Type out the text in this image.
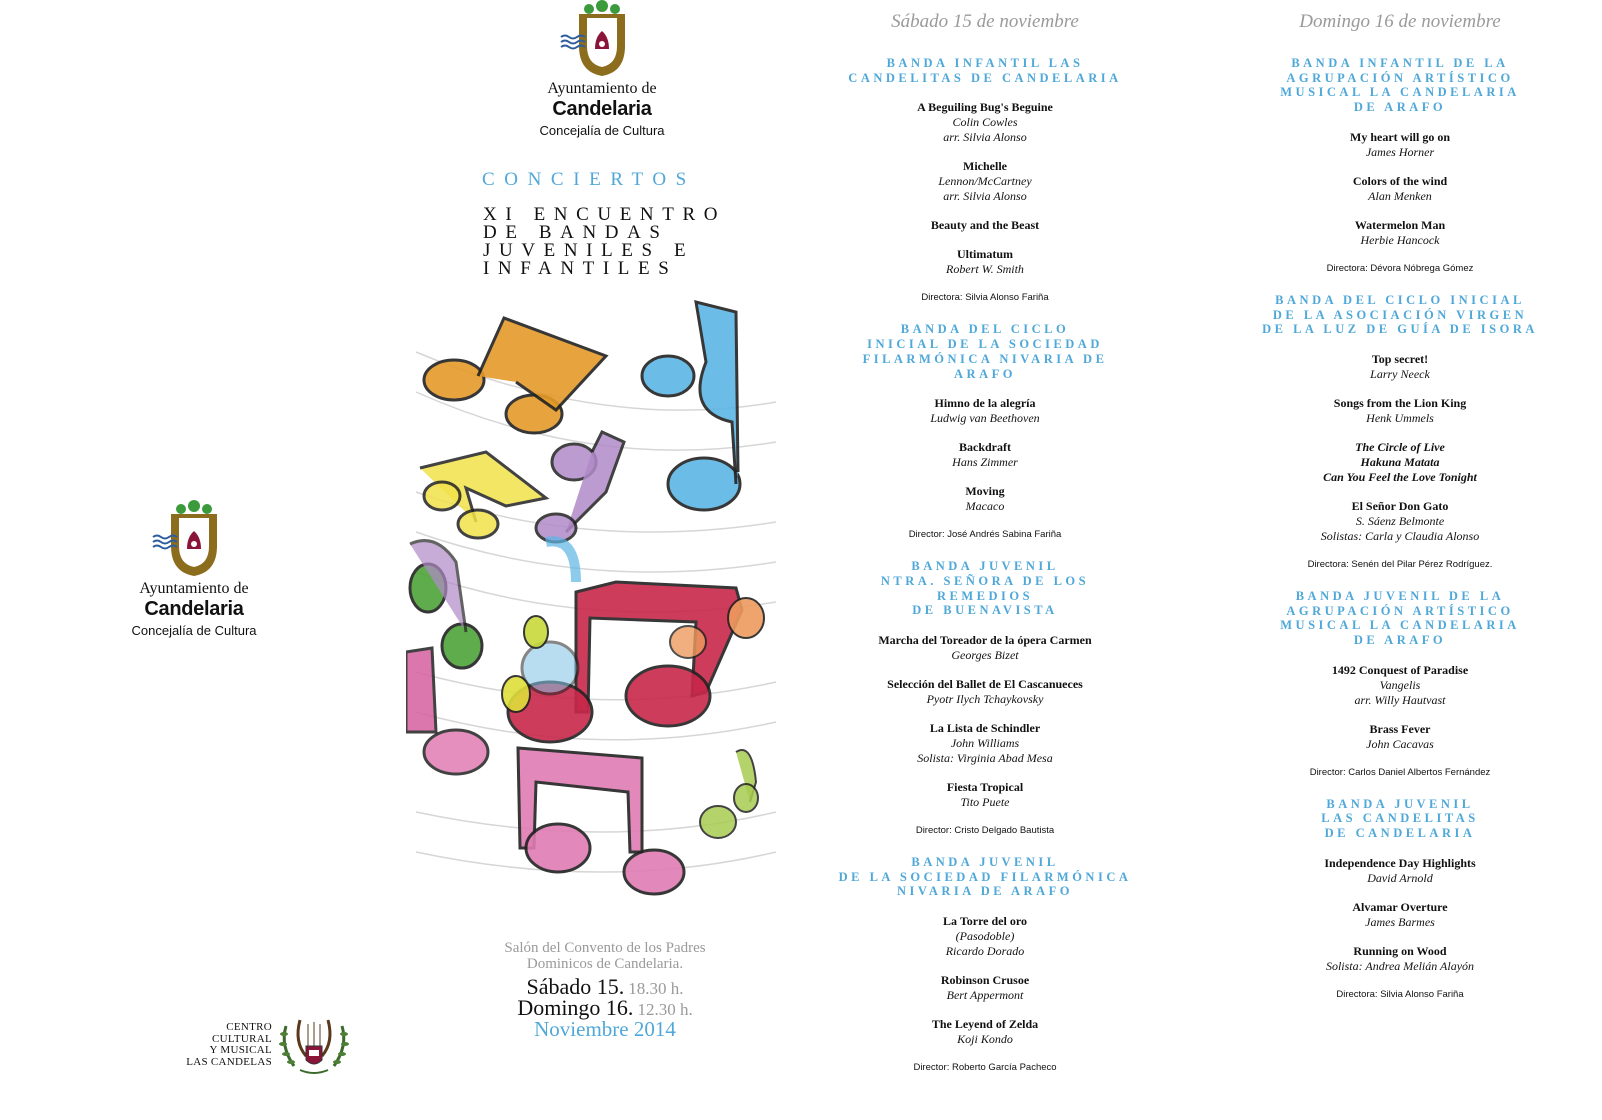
Ayuntamiento de
Candelaria
Concejalía de Cultura
CENTRO
CULTURAL
Y MUSICAL
LAS CANDELAS
Ayuntamiento de
Candelaria
Concejalía de Cultura
CONCIERTOS
XI ENCUENTRO
DE BANDAS
JUVENILES E
INFANTILES
Salón del Convento de los Padres
Dominicos de Candelaria.
Sábado 15. 18.30 h.
Domingo 16. 12.30 h.
Noviembre 2014
Sábado 15 de noviembre
BANDA INFANTIL LAS
CANDELITAS DE CANDELARIA
A Beguiling Bug's Beguine
Colin Cowles
arr. Silvia Alonso
Michelle
Lennon/McCartney
arr. Silvia Alonso
Beauty and the Beast
Ultimatum
Robert W. Smith
Directora: Silvia Alonso Fariña
BANDA DEL CICLO
INICIAL DE LA SOCIEDAD
FILARMÓNICA NIVARIA DE ARAFO
Himno de la alegría
Ludwig van Beethoven
Backdraft
Hans Zimmer
Moving
Macaco
Director: José Andrés Sabina Fariña
BANDA JUVENIL
NTRA. SEÑORA DE LOS REMEDIOS
DE BUENAVISTA
Marcha del Toreador de la ópera Carmen
Georges Bizet
Selección del Ballet de El Cascanueces
Pyotr Ilych Tchaykovsky
La Lista de Schindler
John Williams
Solista: Virginia Abad Mesa
Fiesta Tropical
Tito Puete
Director: Cristo Delgado Bautista
BANDA JUVENIL
DE LA SOCIEDAD FILARMÓNICA
NIVARIA DE ARAFO
La Torre del oro
(Pasodoble)
Ricardo Dorado
Robinson Crusoe
Bert Appermont
The Leyend of Zelda
Koji Kondo
Director: Roberto García Pacheco
Domingo 16 de noviembre
BANDA INFANTIL DE LA
AGRUPACIÓN ARTÍSTICO
MUSICAL LA CANDELARIA
DE ARAFO
My heart will go on
James Horner
Colors of the wind
Alan Menken
Watermelon Man
Herbie Hancock
Directora: Dévora Nóbrega Gómez
BANDA DEL CICLO INICIAL
DE LA ASOCIACIÓN VIRGEN
DE LA LUZ DE GUÍA DE ISORA
Top secret!
Larry Neeck
Songs from the Lion King
Henk Ummels
The Circle of Live
Hakuna Matata
Can You Feel the Love Tonight
El Señor Don Gato
S. Sáenz Belmonte
Solistas: Carla y Claudia Alonso
Directora: Senén del Pilar Pérez Rodríguez.
BANDA JUVENIL DE LA
AGRUPACIÓN ARTÍSTICO
MUSICAL LA CANDELARIA
DE ARAFO
1492 Conquest of Paradise
Vangelis
arr. Willy Hautvast
Brass Fever
John Cacavas
Director: Carlos Daniel Albertos Fernández
BANDA JUVENIL
LAS CANDELITAS
DE CANDELARIA
Independence Day Highlights
David Arnold
Alvamar Overture
James Barmes
Running on Wood
Solista: Andrea Melián Alayón
Directora: Silvia Alonso Fariña
